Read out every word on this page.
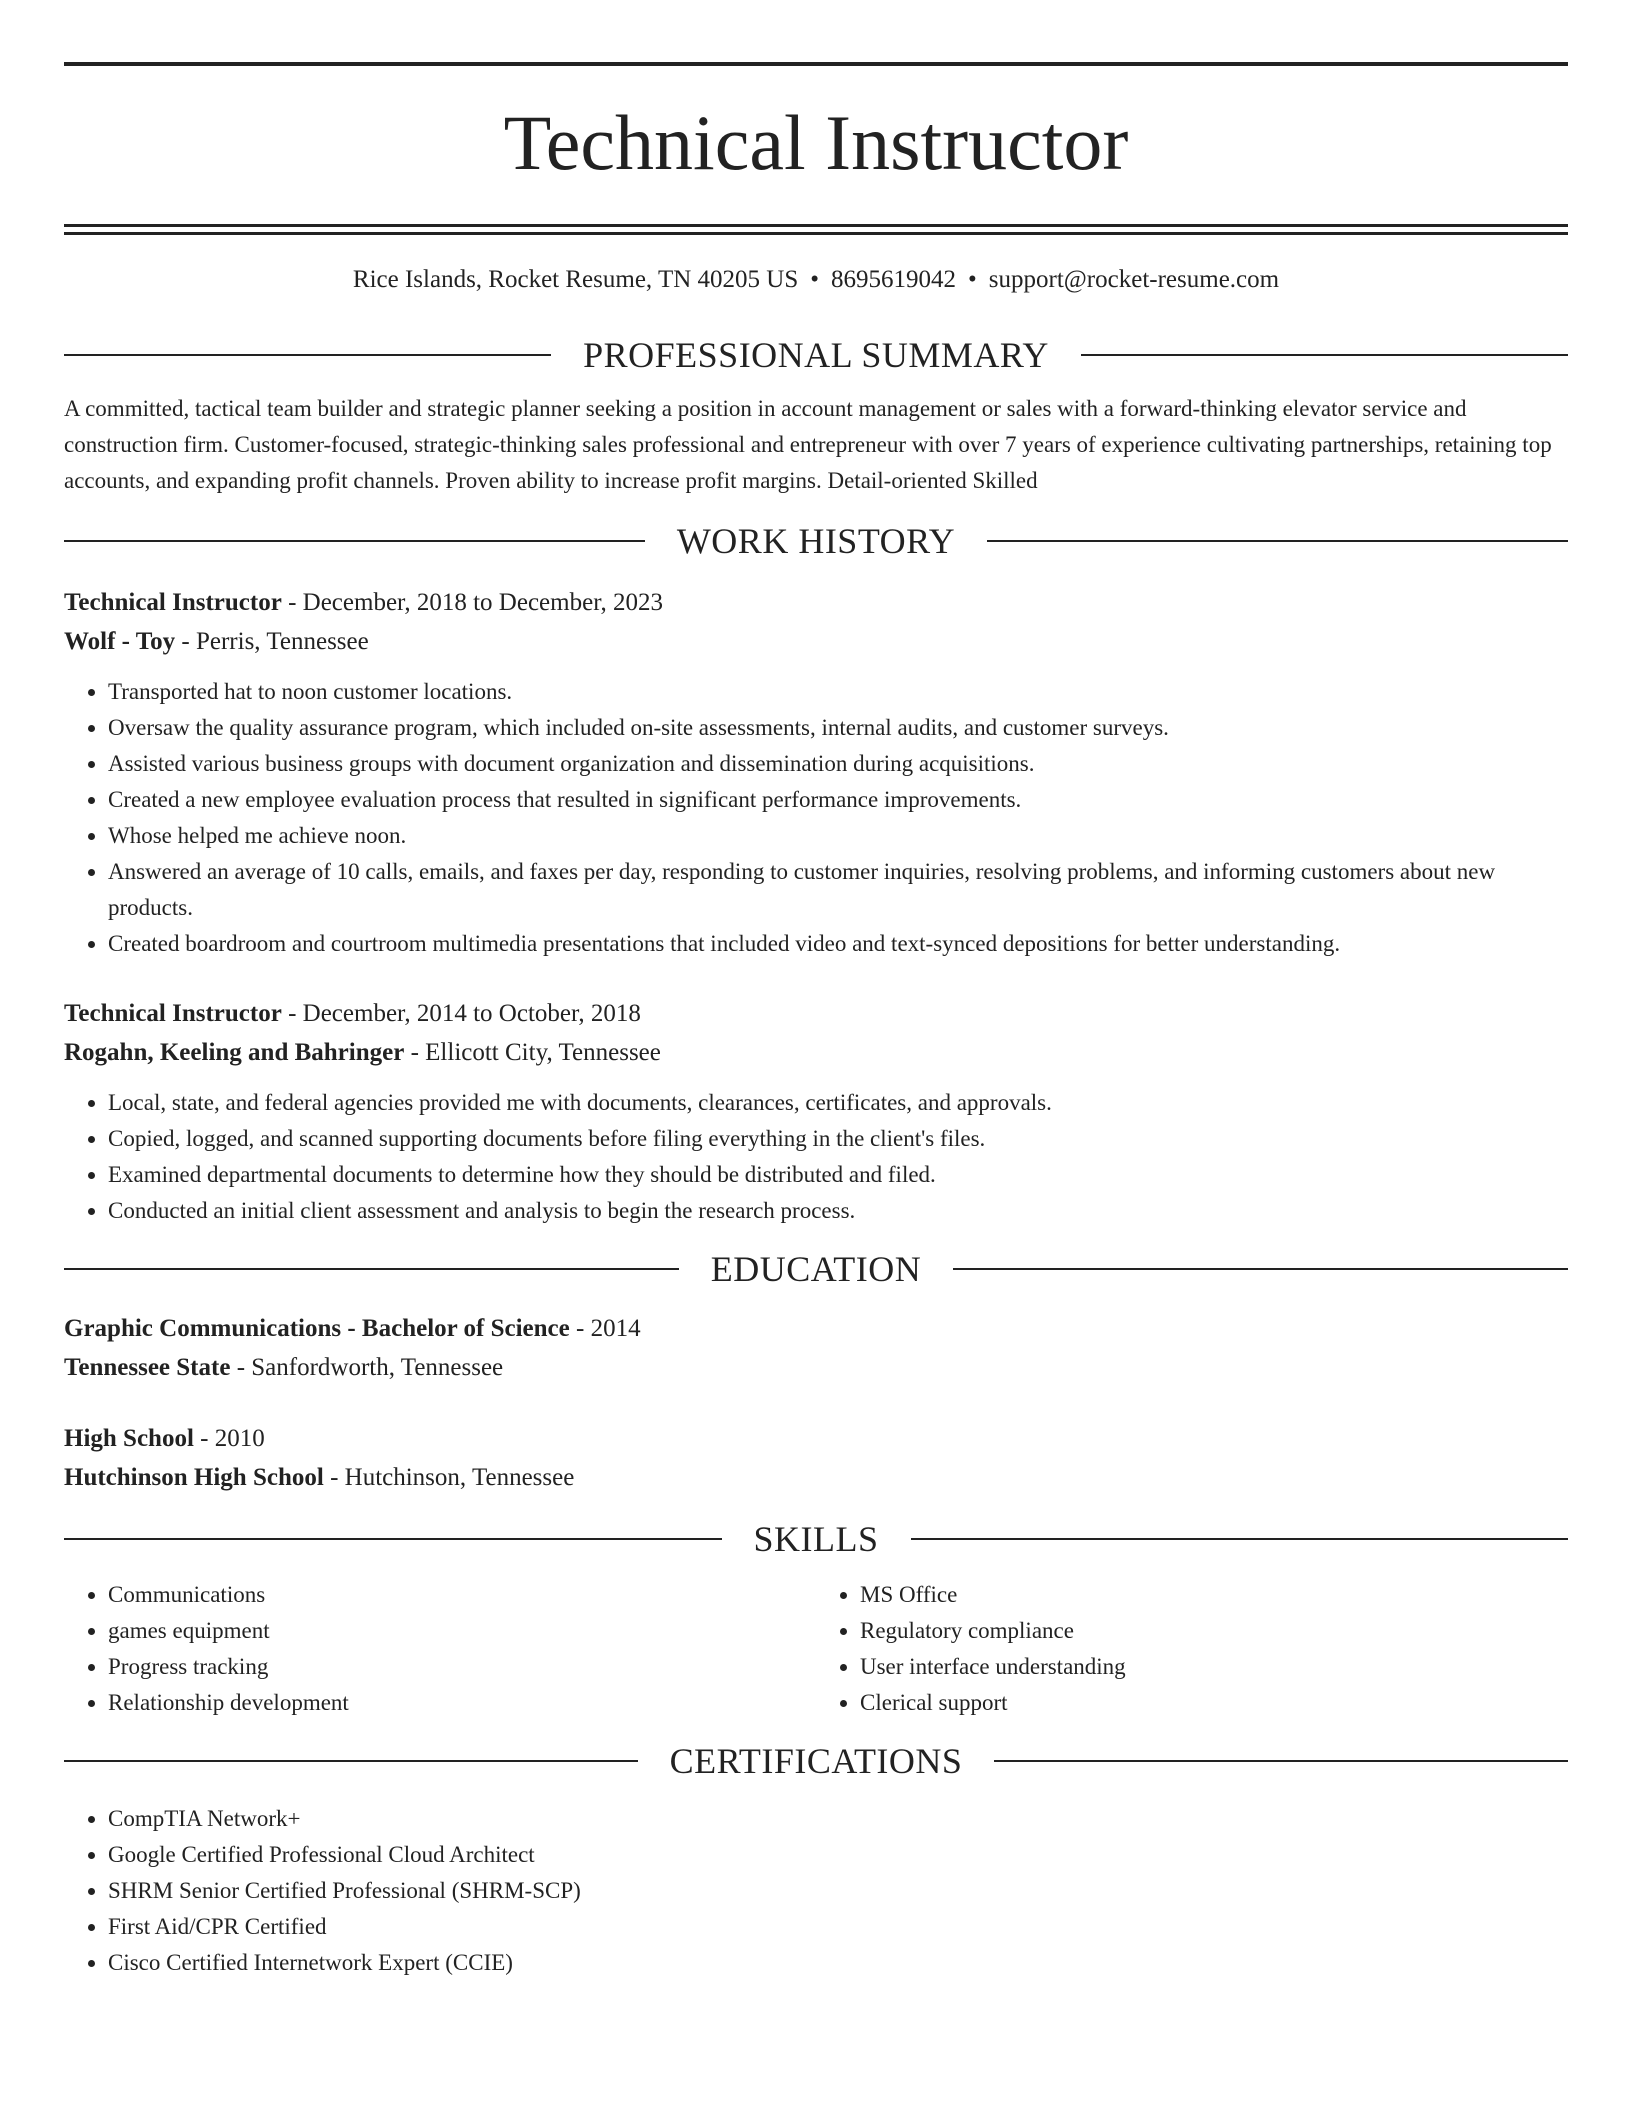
Technical Instructor
Rice Islands, Rocket Resume, TN 40205 US • 8695619042 • support@rocket-resume.com
PROFESSIONAL SUMMARY

A committed, tactical team builder and strategic planner seeking a position in account management or sales with a forward-thinking elevator service and construction firm. Customer-focused, strategic-thinking sales professional and entrepreneur with over 7 years of experience cultivating partnerships, retaining top accounts, and expanding profit channels. Proven ability to increase profit margins. Detail-oriented Skilled

WORK HISTORY
Technical Instructor - December, 2018 to December, 2023
Wolf - Toy - Perris, Tennessee
• Transported hat to noon customer locations.
• Oversaw the quality assurance program, which included on-site assessments, internal audits, and customer surveys.
• Assisted various business groups with document organization and dissemination during acquisitions.
• Created a new employee evaluation process that resulted in significant performance improvements.
• Whose helped me achieve noon.
• Answered an average of 10 calls, emails, and faxes per day, responding to customer inquiries, resolving problems, and informing customers about new products.
• Created boardroom and courtroom multimedia presentations that included video and text-synced depositions for better understanding.
Technical Instructor - December, 2014 to October, 2018
Rogahn, Keeling and Bahringer - Ellicott City, Tennessee
• Local, state, and federal agencies provided me with documents, clearances, certificates, and approvals.
• Copied, logged, and scanned supporting documents before filing everything in the client's files.
• Examined departmental documents to determine how they should be distributed and filed.
• Conducted an initial client assessment and analysis to begin the research process.
EDUCATION
Graphic Communications - Bachelor of Science - 2014
Tennessee State - Sanfordworth, Tennessee
High School - 2010
Hutchinson High School - Hutchinson, Tennessee
SKILLS
• Communications
• games equipment
• Progress tracking
• Relationship development
• MS Office
• Regulatory compliance
• User interface understanding
• Clerical support
CERTIFICATIONS
• CompTIA Network+
• Google Certified Professional Cloud Architect
• SHRM Senior Certified Professional (SHRM-SCP)
• First Aid/CPR Certified
• Cisco Certified Internetwork Expert (CCIE)
